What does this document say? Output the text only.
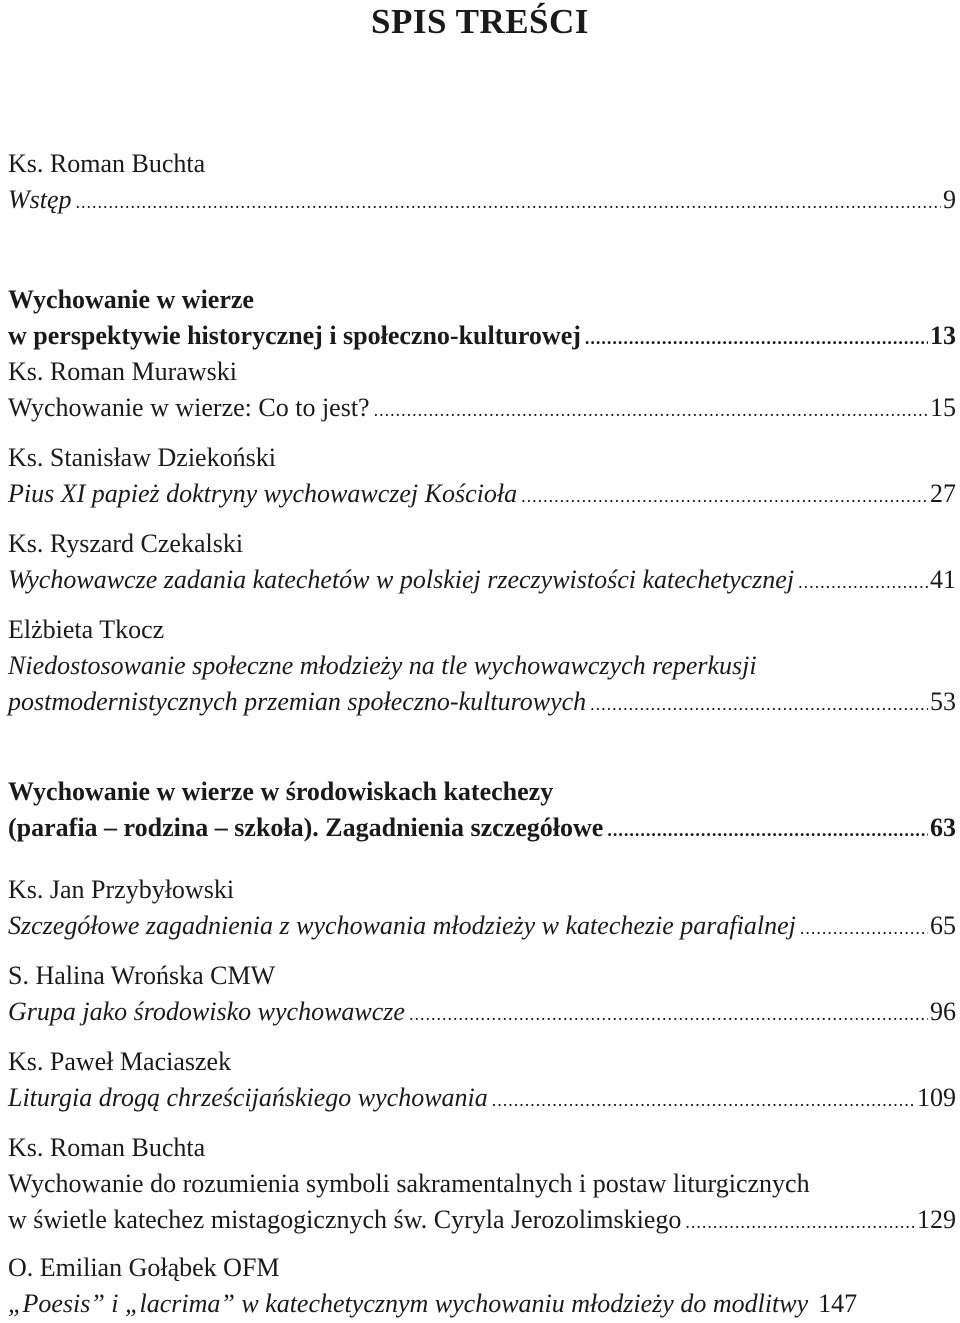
SPIS TREŚCI
Ks. Roman Buchta
Wstęp .....	9
Wychowanie w wierze
w perspektywie historycznej i społeczno-kulturowej .....	13
Ks. Roman Murawski
Wychowanie w wierze: Co to jest? .....	15
Ks. Stanisław Dziekoński
Pius XI papież doktryny wychowawczej Kościoła .....	27
Ks. Ryszard Czekalski
Wychowawcze zadania katechetów w polskiej rzeczywistości katechetycznej .....	41
Elżbieta Tkocz
Niedostosowanie społeczne młodzieży na tle wychowawczych reperkusji
postmodernistycznych przemian społeczno-kulturowych .....	53
Wychowanie w wierze w środowiskach katechezy
(parafia – rodzina – szkoła). Zagadnienia szczegółowe .....	63
Ks. Jan Przybyłowski
Szczegółowe zagadnienia z wychowania młodzieży w katechezie parafialnej .....	65
S. Halina Wrońska CMW
Grupa jako środowisko wychowawcze .....	96
Ks. Paweł Maciaszek
Liturgia drogą chrześcijańskiego wychowania .....	109
Ks. Roman Buchta
Wychowanie do rozumienia symboli sakramentalnych i postaw liturgicznych
w świetle katechez mistagogicznych św. Cyryla Jerozolimskiego .....	129
O. Emilian Gołąbek OFM
„Poesis” i „lacrima” w katechetycznym wychowaniu młodzieży do modlitwy 147
